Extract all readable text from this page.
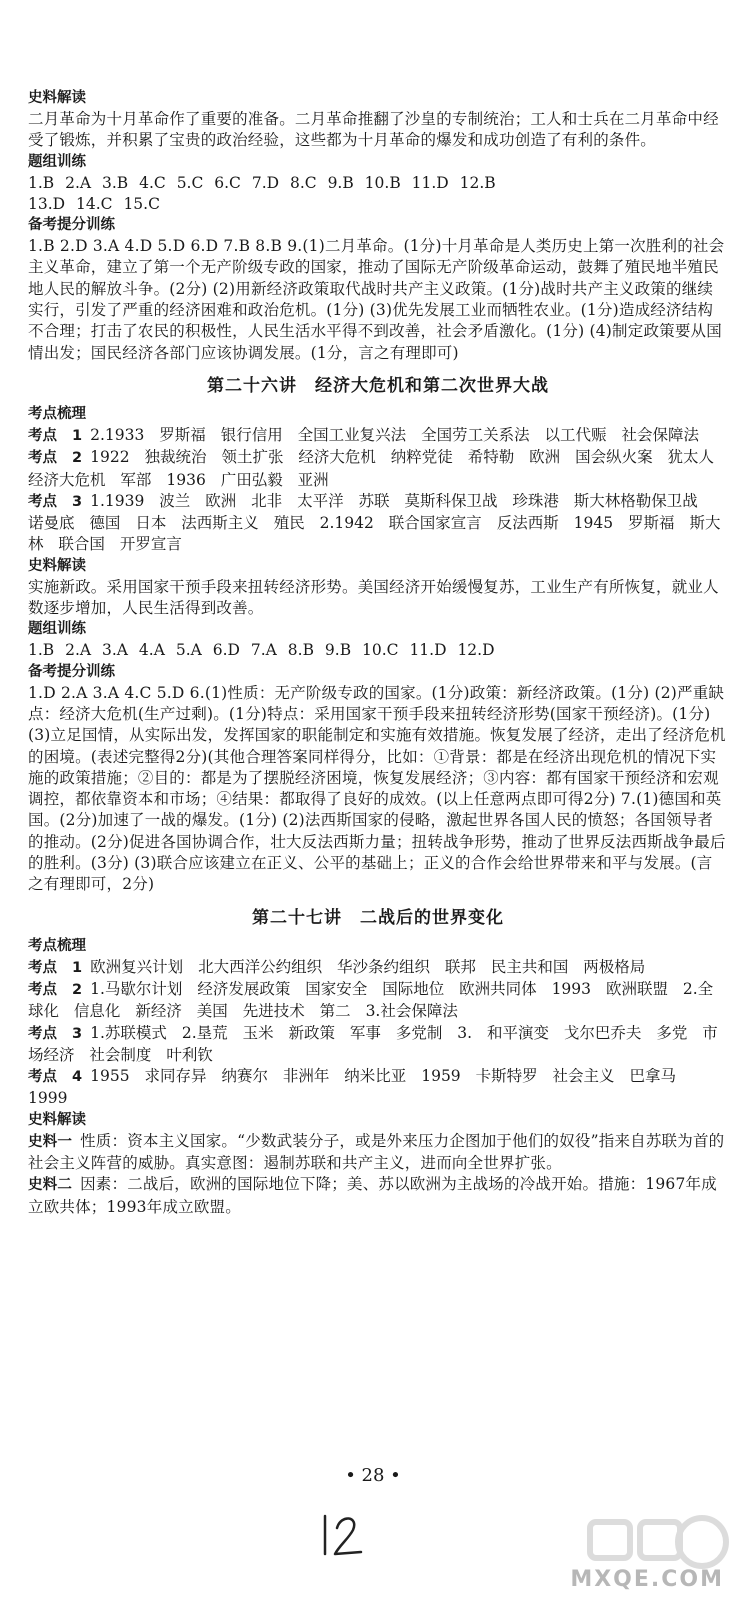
史料解读

二月革命为十月革命作了重要的准备。二月革命推翻了沙皇的专制统治；工人和士兵在二月革命中经受了锻炼，并积累了宝贵的政治经验，这些都为十月革命的爆发和成功创造了有利的条件。

题组训练

1.B 2.A 3.B 4.C 5.C 6.C 7.D 8.C 9.B 10.B 11.D 12.B

13.D 14.C 15.C

备考提分训练

1.B 2.D 3.A 4.D 5.D 6.D 7.B 8.B 9.(1)二月革命。(1分)十月革命是人类历史上第一次胜利的社会主义革命，建立了第一个无产阶级专政的国家，推动了国际无产阶级革命运动，鼓舞了殖民地半殖民地人民的解放斗争。(2分) (2)用新经济政策取代战时共产主义政策。(1分)战时共产主义政策的继续实行，引发了严重的经济困难和政治危机。(1分) (3)优先发展工业而牺牲农业。(1分)造成经济结构不合理；打击了农民的积极性，人民生活水平得不到改善，社会矛盾激化。(1分) (4)制定政策要从国情出发；国民经济各部门应该协调发展。(1分，言之有理即可)

第二十六讲　经济大危机和第二次世界大战

考点梳理

考点 1 2.1933 罗斯福 银行信用 全国工业复兴法 全国劳工关系法 以工代赈 社会保障法

考点 2 1922 独裁统治 领土扩张 经济大危机 纳粹党徒 希特勒 欧洲 国会纵火案 犹太人 经济大危机 军部 1936 广田弘毅 亚洲

考点 3 1.1939 波兰 欧洲 北非 太平洋 苏联 莫斯科保卫战 珍珠港 斯大林格勒保卫战 诺曼底 德国 日本 法西斯主义 殖民 2.1942 联合国家宣言 反法西斯 1945 罗斯福 斯大林 联合国 开罗宣言

史料解读

实施新政。采用国家干预手段来扭转经济形势。美国经济开始缓慢复苏，工业生产有所恢复，就业人数逐步增加，人民生活得到改善。

题组训练

1.B 2.A 3.A 4.A 5.A 6.D 7.A 8.B 9.B 10.C 11.D 12.D

备考提分训练

1.D 2.A 3.A 4.C 5.D 6.(1)性质：无产阶级专政的国家。(1分)政策：新经济政策。(1分) (2)严重缺点：经济大危机(生产过剩)。(1分)特点：采用国家干预手段来扭转经济形势(国家干预经济)。(1分) (3)立足国情，从实际出发，发挥国家的职能制定和实施有效措施。恢复发展了经济，走出了经济危机的困境。(表述完整得2分)(其他合理答案同样得分，比如：①背景：都是在经济出现危机的情况下实施的政策措施；②目的：都是为了摆脱经济困境，恢复发展经济；③内容：都有国家干预经济和宏观调控，都依靠资本和市场；④结果：都取得了良好的成效。(以上任意两点即可得2分) 7.(1)德国和英国。(2分)加速了一战的爆发。(1分) (2)法西斯国家的侵略，激起世界各国人民的愤怒；各国领导者的推动。(2分)促进各国协调合作，壮大反法西斯力量；扭转战争形势，推动了世界反法西斯战争最后的胜利。(3分) (3)联合应该建立在正义、公平的基础上；正义的合作会给世界带来和平与发展。(言之有理即可，2分)

第二十七讲　二战后的世界变化

考点梳理

考点 1 欧洲复兴计划 北大西洋公约组织 华沙条约组织 联邦 民主共和国 两极格局

考点 2 1.马歇尔计划 经济发展政策 国家安全 国际地位 欧洲共同体 1993 欧洲联盟 2.全球化 信息化 新经济 美国 先进技术 第二 3.社会保障法

考点 3 1.苏联模式 2.垦荒 玉米 新政策 军事 多党制 3. 和平演变 戈尔巴乔夫 多党 市场经济 社会制度 叶利钦

考点 4 1955 求同存异 纳赛尔 非洲年 纳米比亚 1959 卡斯特罗 社会主义 巴拿马 1999

史料解读

史料一 性质：资本主义国家。“少数武装分子，或是外来压力企图加于他们的奴役”指来自苏联为首的社会主义阵营的威胁。真实意图：遏制苏联和共产主义，进而向全世界扩张。

史料二 因素：二战后，欧洲的国际地位下降；美、苏以欧洲为主战场的冷战开始。措施：1967年成立欧共体；1993年成立欧盟。

• 28 •
MXQE.COM
